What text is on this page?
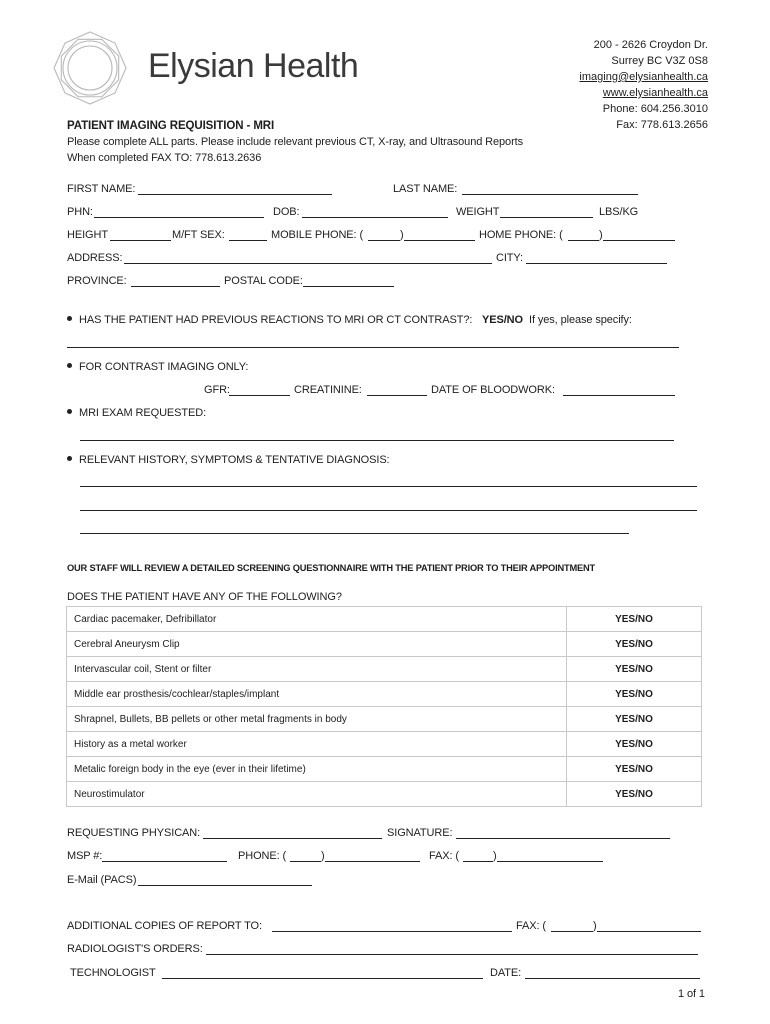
Elysian Health
200 - 2626 Croydon Dr.
Surrey BC V3Z 0S8
imaging@elysianhealth.ca
www.elysianhealth.ca
Phone: 604.256.3010
Fax: 778.613.2656
PATIENT IMAGING REQUISITION - MRI
Please complete ALL parts. Please include relevant previous CT, X-ray, and Ultrasound Reports
When completed FAX TO: 778.613.2636
FIRST NAME:	LAST NAME:
PHN:	DOB:	WEIGHT	LBS/KG
HEIGHT	M/FT SEX:	MOBILE PHONE: (	)	HOME PHONE: (	)
ADDRESS:	CITY:
PROVINCE:	POSTAL CODE:
HAS THE PATIENT HAD PREVIOUS REACTIONS TO MRI OR CT CONTRAST?: YES/NO If yes, please specify:
FOR CONTRAST IMAGING ONLY:
GFR:	CREATININE:	DATE OF BLOODWORK:
MRI EXAM REQUESTED:
RELEVANT HISTORY, SYMPTOMS & TENTATIVE DIAGNOSIS:
OUR STAFF WILL REVIEW A DETAILED SCREENING QUESTIONNAIRE WITH THE PATIENT PRIOR TO THEIR APPOINTMENT
DOES THE PATIENT HAVE ANY OF THE FOLLOWING?
Cardiac pacemaker, Defribillator	YES/NO
Cerebral Aneurysm Clip	YES/NO
Intervascular coil, Stent or filter	YES/NO
Middle ear prosthesis/cochlear/staples/implant	YES/NO
Shrapnel, Bullets, BB pellets or other metal fragments in body	YES/NO
History as a metal worker	YES/NO
Metalic foreign body in the eye (ever in their lifetime)	YES/NO
Neurostimulator	YES/NO
REQUESTING PHYSICAN:	SIGNATURE:
MSP #:	PHONE: (	)	FAX: (	)
E-Mail (PACS)
ADDITIONAL COPIES OF REPORT TO:	FAX: (	)
RADIOLOGIST'S ORDERS:
TECHNOLOGIST	DATE:
1 of 1
